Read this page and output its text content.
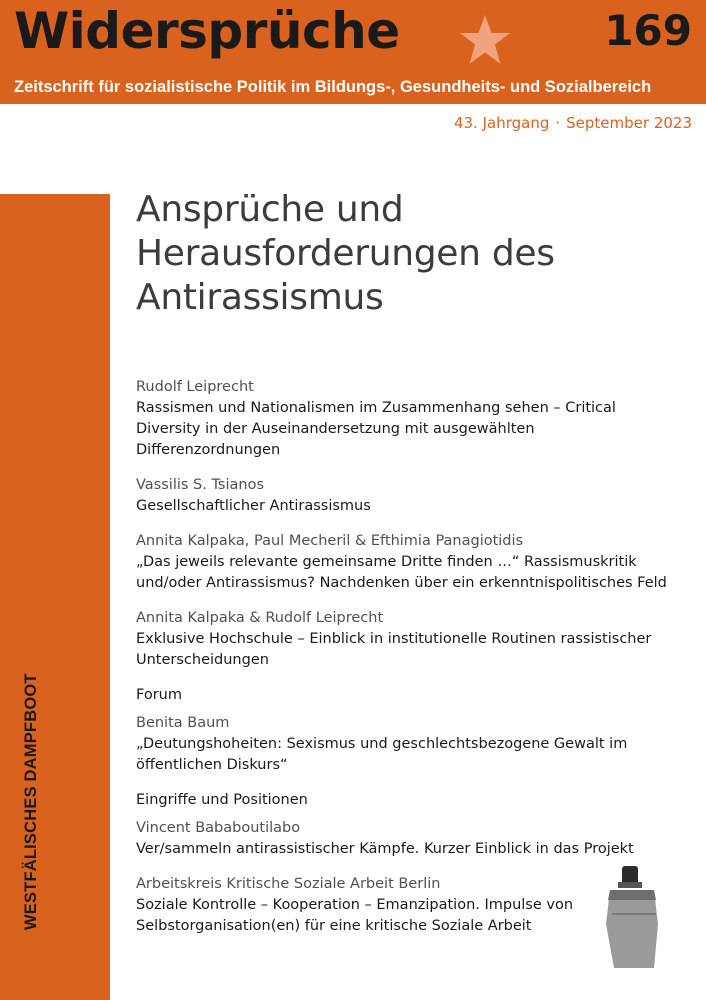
Widersprüche	169
Zeitschrift für sozialistische Politik im Bildungs-, Gesundheits- und Sozialbereich
43. Jahrgang · September 2023
WESTFÄLISCHES DAMPFBOOT
Ansprüche und
Herausforderungen des
Antirassismus
Rudolf Leiprecht
Rassismen und Nationalismen im Zusammenhang sehen – Critical
Diversity in der Auseinandersetzung mit ausgewählten
Differenzordnungen
Vassilis S. Tsianos
Gesellschaftlicher Antirassismus
Annita Kalpaka, Paul Mecheril & Efthimia Panagiotidis
„Das jeweils relevante gemeinsame Dritte finden …“ Rassismuskritik
und/oder Antirassismus? Nachdenken über ein erkenntnispolitisches Feld
Annita Kalpaka & Rudolf Leiprecht
Exklusive Hochschule – Einblick in institutionelle Routinen rassistischer
Unterscheidungen
Forum
Benita Baum
„Deutungshoheiten: Sexismus und geschlechtsbezogene Gewalt im
öffentlichen Diskurs“
Eingriffe und Positionen
Vincent Bababoutilabo
Ver/sammeln antirassistischer Kämpfe. Kurzer Einblick in das Projekt
Arbeitskreis Kritische Soziale Arbeit Berlin
Soziale Kontrolle – Kooperation – Emanzipation. Impulse von
Selbstorganisation(en) für eine kritische Soziale Arbeit
